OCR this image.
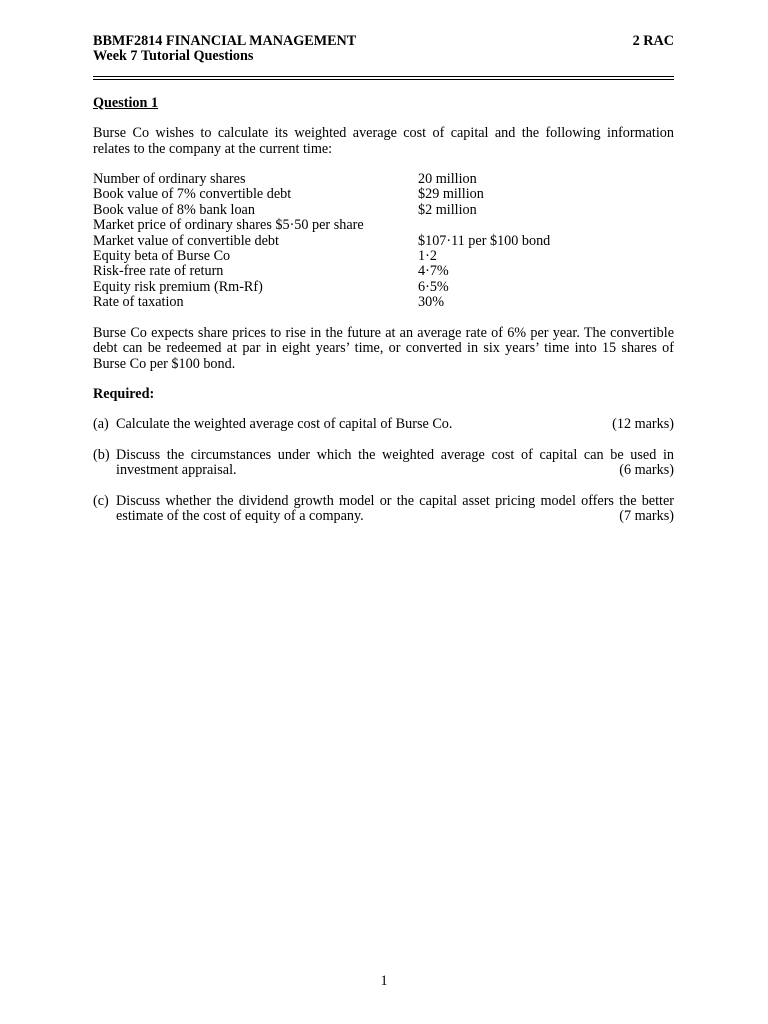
BBMF2814 FINANCIAL MANAGEMENT	2 RAC
Week 7 Tutorial Questions
Question 1

Burse Co wishes to calculate its weighted average cost of capital and the following information relates to the company at the current time:

Number of ordinary shares	20 million
Book value of 7% convertible debt	$29 million
Book value of 8% bank loan	$2 million
Market price of ordinary shares $5·50 per share
Market value of convertible debt	$107·11 per $100 bond
Equity beta of Burse Co	1·2
Risk-free rate of return	4·7%
Equity risk premium (Rm-Rf)	6·5%
Rate of taxation	30%

Burse Co expects share prices to rise in the future at an average rate of 6% per year. The convertible debt can be redeemed at par in eight years’ time, or converted in six years’ time into 15 shares of Burse Co per $100 bond.

Required:
(a) Calculate the weighted average cost of capital of Burse Co.	(12 marks)
(b) Discuss the circumstances under which the weighted average cost of capital can be used in
investment appraisal.	(6 marks)
(c) Discuss whether the dividend growth model or the capital asset pricing model offers the better
estimate of the cost of equity of a company.	(7 marks)
1
